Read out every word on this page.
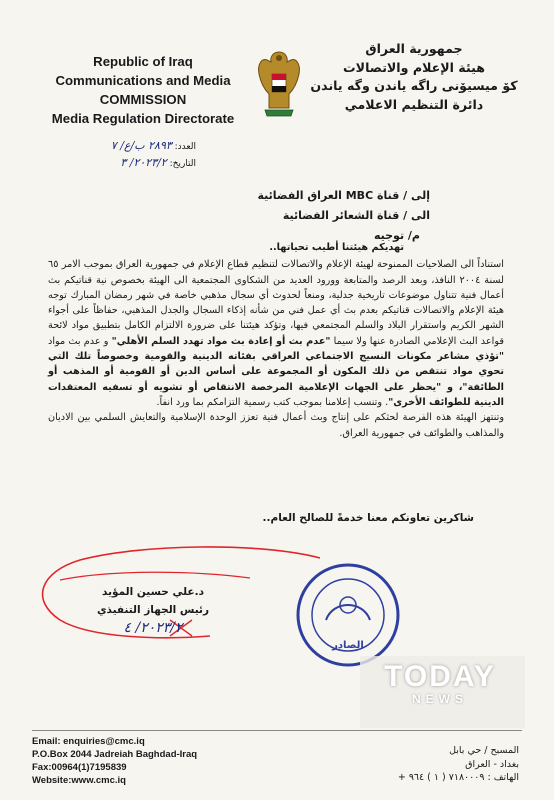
Republic of Iraq
Communications and Media
COMMISSION
Media Regulation Directorate
جمهورية العراق
هيئة الإعلام والاتصالات
كۆ میسیۆنی راگه یاندن وگه یاندن
دائرة التنظيم الاعلامي
العدد: ٢٨٩٣ ب/ع/ ٧
التاريخ: ٢٠٢٣/٢/ ٣
إلى / قناة MBC العراق الفضائية
الى / قناة الشعائر الفضائية
م/ توجيه

تهديكم هيئتنا أطيب تحياتها..

استناداً الى الصلاحيات الممنوحة لهيئة الإعلام والاتصالات لتنظيم قطاع الإعلام في جمهورية العراق بموجب الامر ٦٥ لسنة ٢٠٠٤ النافذ، وبعد الرصد والمتابعة وورود العديد من الشكاوى المجتمعية الى الهيئة بخصوص نية قناتيكم بث أعمال فنية تتناول موضوعات تاريخية جدلية، ومنعاً لحدوث أي سجال مذهبي خاصة في شهر رمضان المبارك توجه هيئة الإعلام والاتصالات قناتيكم بعدم بث أي عمل فني من شأنه إذكاء السجال والجدل المذهبي، حفاظاً على أجواء الشهر الكريم واستقرار البلاد والسلم المجتمعي فيها، وتؤكد هيئتنا على ضرورة الالتزام الكامل بتطبيق مواد لائحة قواعد البث الإعلامي الصادرة عنها ولا سيما "عدم بث أو إعادة بث مواد تهدد السلم الأهلي" و عدم بث مواد "تؤذي مشاعر مكونات النسيج الاجتماعي العراقي بفئاته الدينية والقومية وخصوصاً تلك التي تحوي مواد تنتقص من ذلك المكون أو المجموعة على أساس الدين أو القومية أو المذهب أو الطائفة"، و "يحظر على الجهات الإعلامية المرخصة الانتقاص أو تشويه أو تسفيه المعتقدات الدينية للطوائف الأخرى". وتنسب إعلامنا بموجب كتب رسمية التزامكم بما ورد انفاً.

وتنتهز الهيئة هذه الفرصة لحثكم على إنتاج وبث أعمال فنية تعزز الوحدة الإسلامية والتعايش السلمي بين الاديان والمذاهب والطوائف في جمهورية العراق.

شاكرين تعاونكم معنا خدمةً للصالح العام..
د.علي حسين المؤيد
رئيس الجهاز التنفيذي
٢٠٢٣/٢/ ٤
الصادر
TODAY
NEWS
Email: enquiries@cmc.iq
P.O.Box 2044 Jadreiah Baghdad-Iraq
Fax:00964(1)7195839
Website:www.cmc.iq
المسبح / حي بابل
بغداد - العراق
الهاتف : ٧١٨٠٠٠٩ ( ١ ) ٩٦٤ +
